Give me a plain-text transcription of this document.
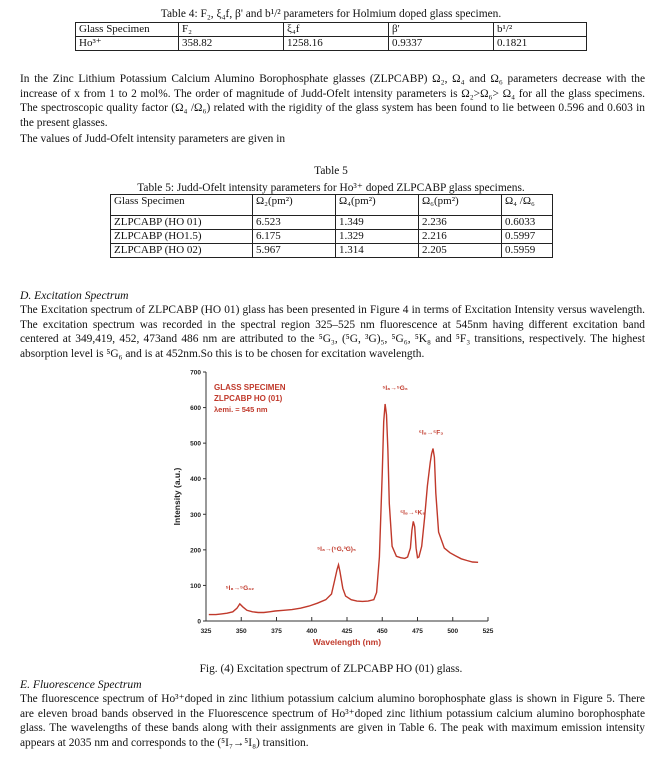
Table 4: F₂, ξ₄f, β' and b¹/² parameters for Holmium doped glass specimen.
Glass Specimen	F₂	ξ₄f	β'	b¹/²
Ho³⁺	358.82	1258.16	0.9337	0.1821
In the Zinc Lithium Potassium Calcium Alumino Borophosphate glasses (ZLPCABP) Ω₂, Ω₄ and Ω₆ parameters decrease with the increase of x from 1 to 2 mol%. The order of magnitude of Judd-Ofelt intensity parameters is Ω₂>Ω₆> Ω₄ for all the glass specimens. The spectroscopic quality factor (Ω₄ /Ω₆) related with the rigidity of the glass system has been found to lie between 0.596 and 0.603 in the present glasses.
The values of Judd-Ofelt intensity parameters are given in
Table 5
Table 5: Judd-Ofelt intensity parameters for Ho³⁺ doped ZLPCABP glass specimens.
Glass Specimen	Ω₂(pm²)	Ω₄(pm²)	Ω₆(pm²)	Ω₄ /Ω₆
ZLPCABP (HO 01)	6.523	1.349	2.236	0.6033
ZLPCABP (HO1.5)	6.175	1.329	2.216	0.5997
ZLPCABP (HO 02)	5.967	1.314	2.205	0.5959
D. Excitation Spectrum
The Excitation spectrum of ZLPCABP (HO 01) glass has been presented in Figure 4 in terms of Excitation Intensity versus wavelength. The excitation spectrum was recorded in the spectral region 325–525 nm fluorescence at 545nm having different excitation band centered at 349,419, 452, 473and 486 nm are attributed to the ⁵G₃, (⁵G, ³G)₅, ⁵G₆, ⁵K₈ and ⁵F₃ transitions, respectively. The highest absorption level is ⁵G₆ and is at 452nm.So this is to be chosen for excitation wavelength.
325	350	375	400	425	450	475	500	525
0
100
200
300
400
500
600
700
⁵I₈→⁵G₃₂
⁵I₈→(⁵G,³G)₅
⁵I₈→⁵G₆
⁵I₈→⁵K₈
⁵I₈→⁵F₃
GLASS SPECIMEN
ZLPCABP HO (01)
λemi. = 545 nm
Wavelength (nm)
Intensity (a.u.)
Fig. (4) Excitation spectrum of ZLPCABP HO (01) glass.
E. Fluorescence Spectrum
The fluorescence spectrum of Ho³⁺doped in zinc lithium potassium calcium alumino borophosphate glass is shown in Figure 5. There are eleven broad bands observed in the Fluorescence spectrum of Ho³⁺doped zinc lithium potassium calcium alumino borophosphate glass. The wavelengths of these bands along with their assignments are given in Table 6. The peak with maximum emission intensity appears at 2035 nm and corresponds to the (⁵I₇→⁵I₈) transition.
